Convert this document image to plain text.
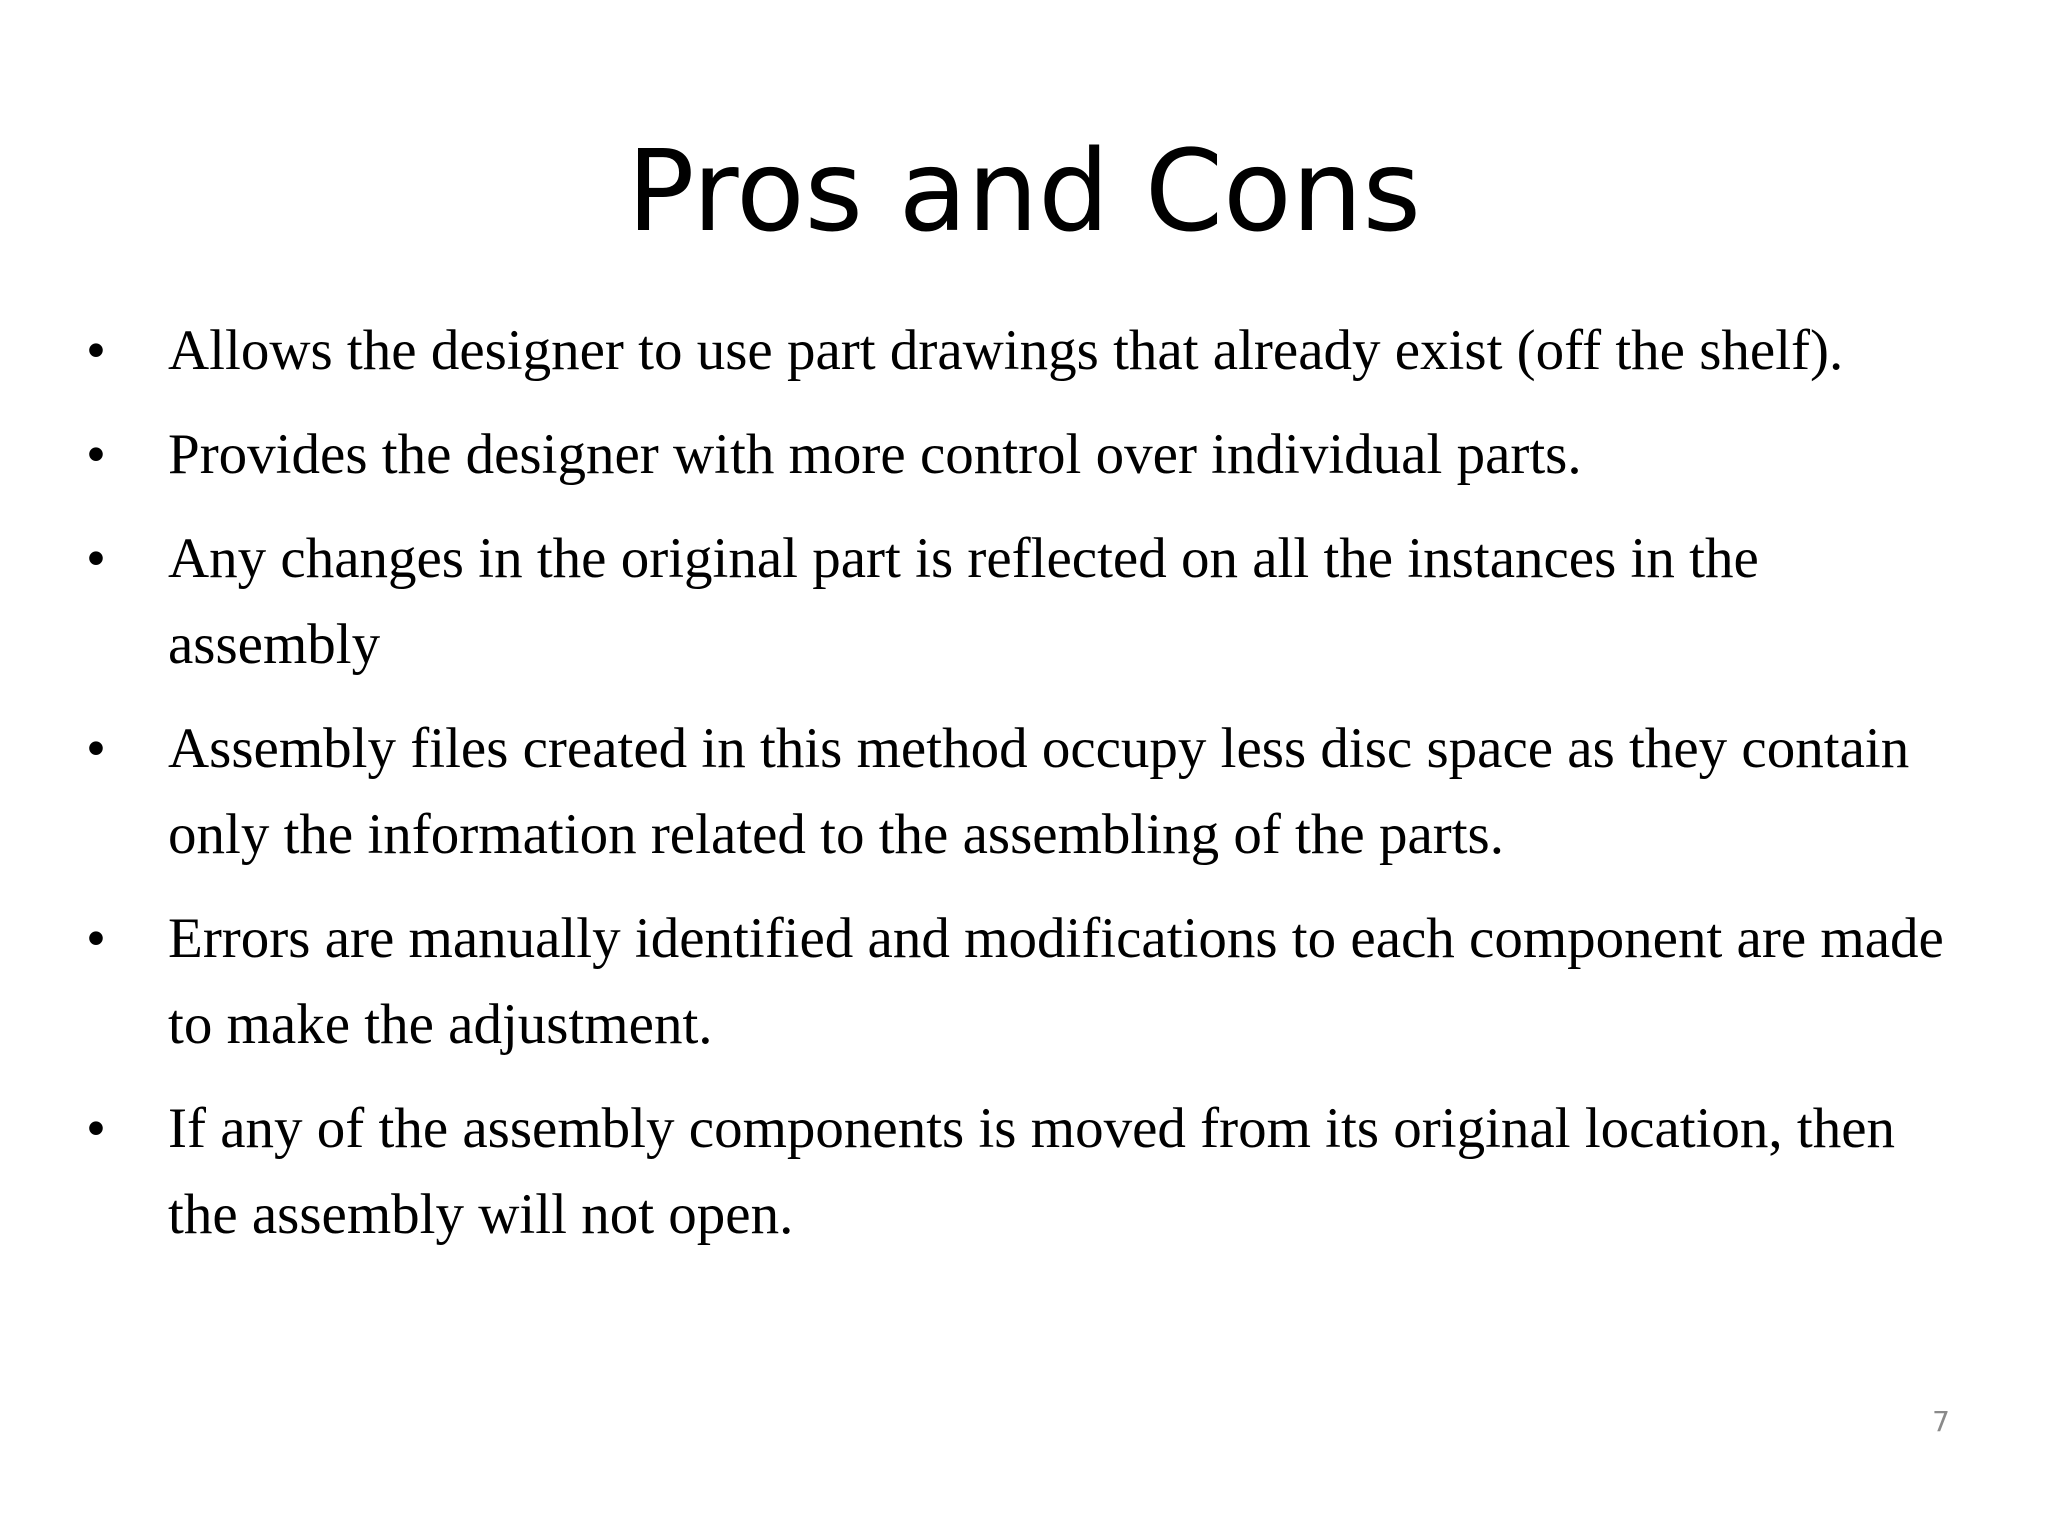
Pros and Cons
•	Allows the designer to use part drawings that already exist (off the shelf).
•	Provides the designer with more control over individual parts.
•	Any changes in the original part is reflected on all the instances in the assembly
•	Assembly files created in this method occupy less disc space as they contain only the information related to the assembling of the parts.
•	Errors are manually identified and modifications to each component are made to make the adjustment.
•	If any of the assembly components is moved from its original location, then the assembly will not open.
7
